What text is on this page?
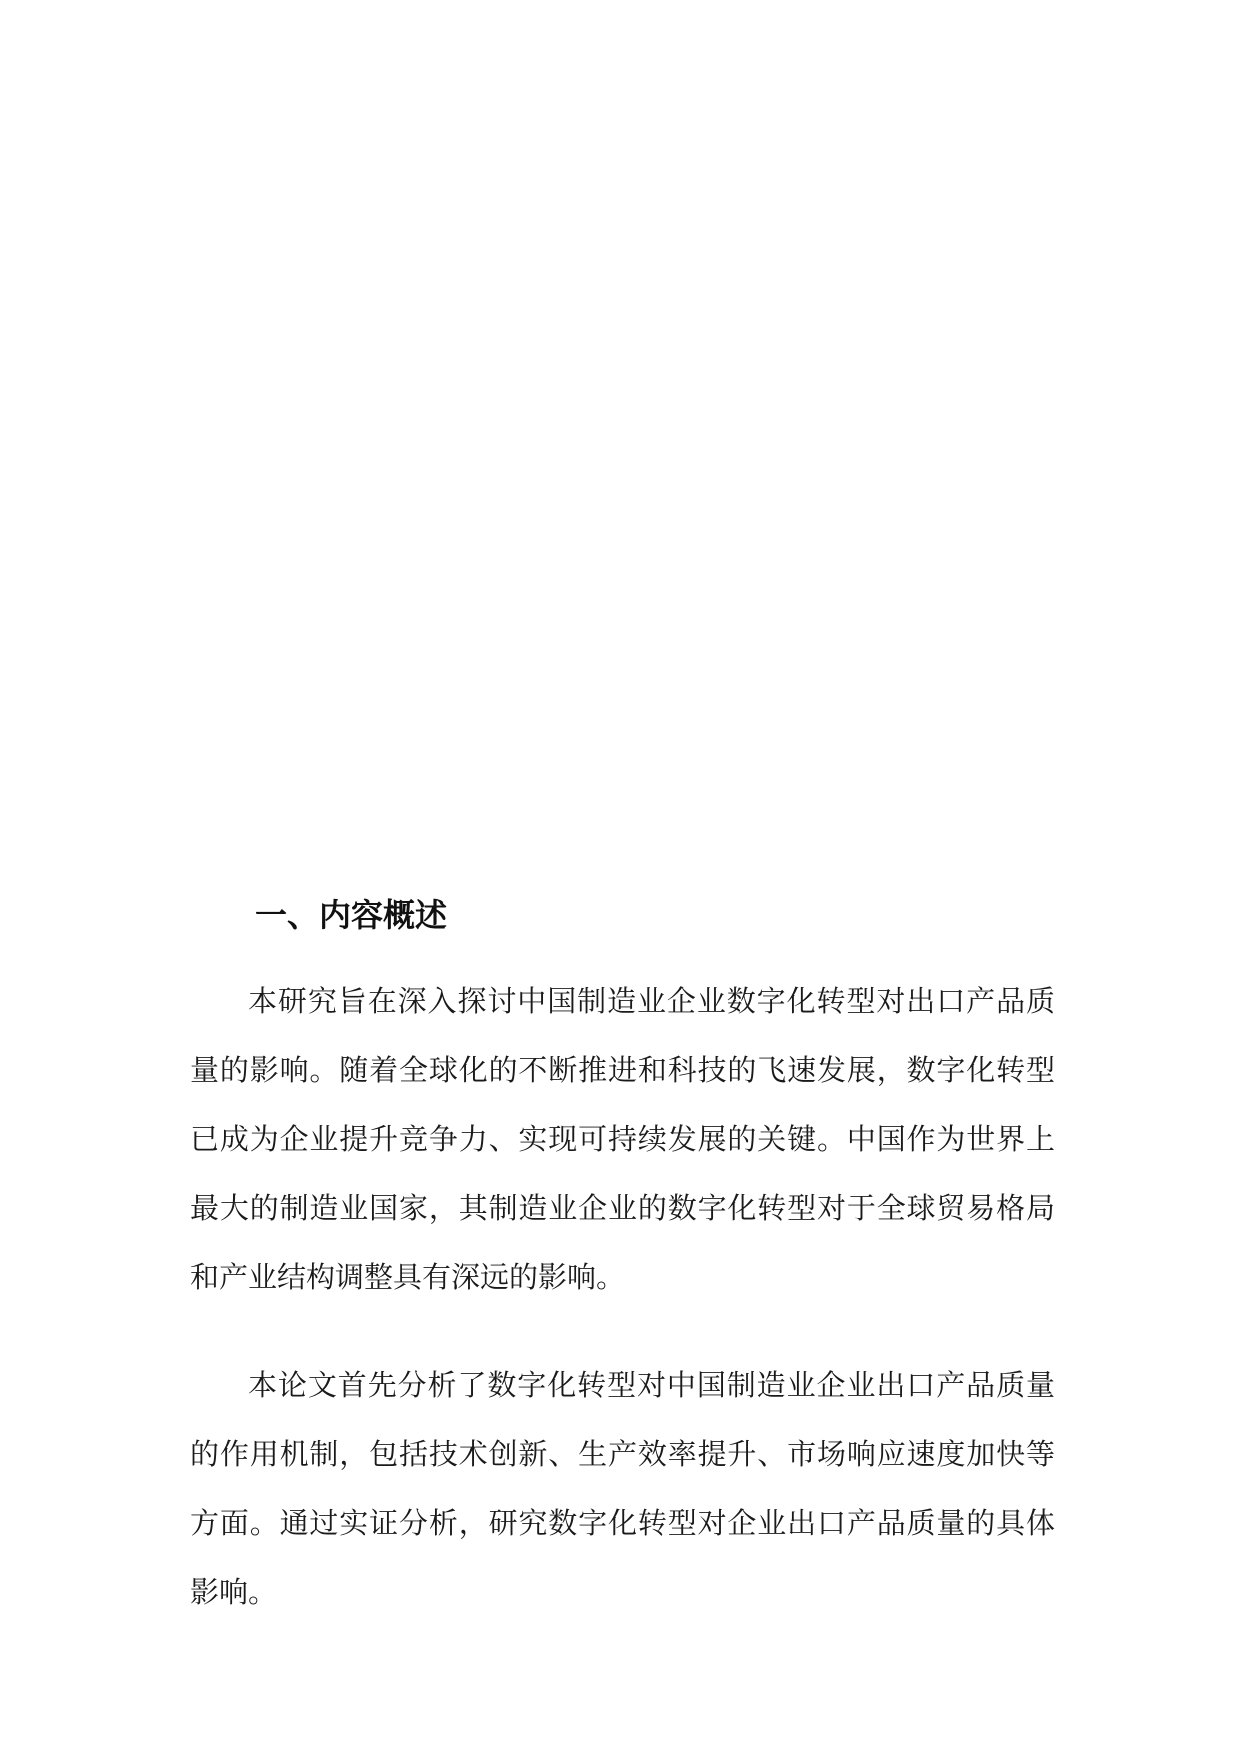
一、内容概述

本研究旨在深入探讨中国制造业企业数字化转型对出口产品质量的影响。随着全球化的不断推进和科技的飞速发展，数字化转型已成为企业提升竞争力、实现可持续发展的关键。中国作为世界上最大的制造业国家，其制造业企业的数字化转型对于全球贸易格局和产业结构调整具有深远的影响。

本论文首先分析了数字化转型对中国制造业企业出口产品质量的作用机制，包括技术创新、生产效率提升、市场响应速度加快等方面。通过实证分析，研究数字化转型对企业出口产品质量的具体影响。
